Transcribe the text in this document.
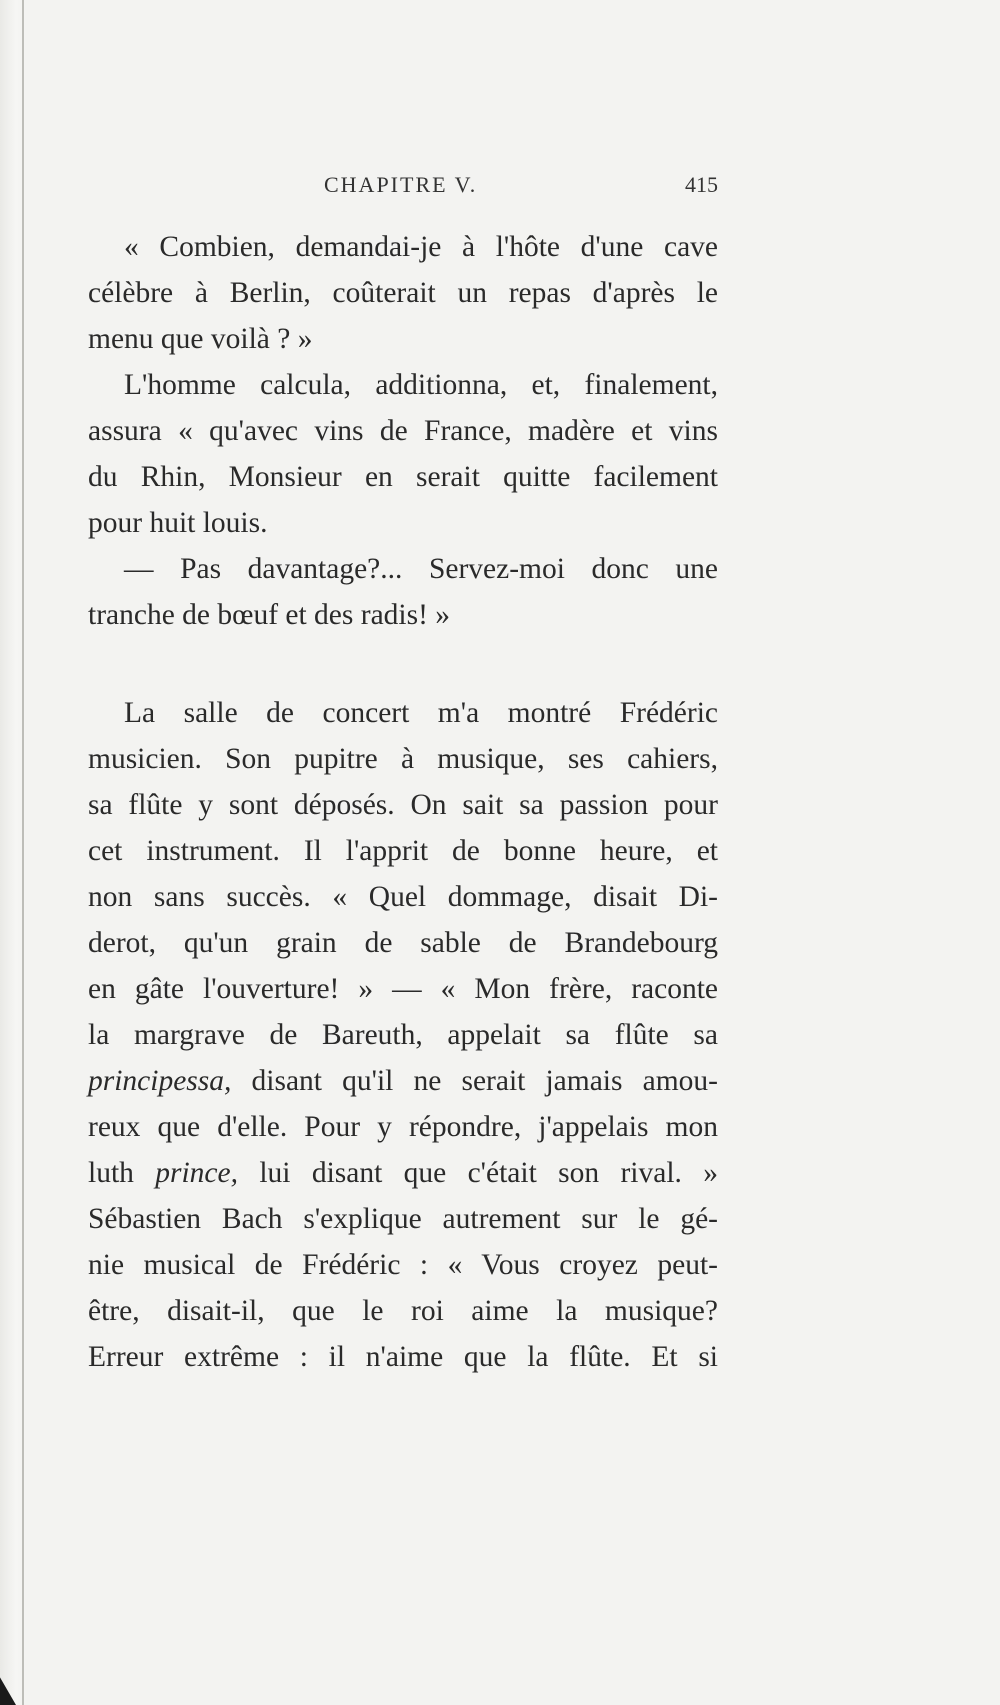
CHAPITRE V.	415

« Combien, demandai-je à l'hôte d'une cave
célèbre à Berlin, coûterait un repas d'après le
menu que voilà ? »

L'homme calcula, additionna, et, finalement,
assura « qu'avec vins de France, madère et vins
du Rhin, Monsieur en serait quitte facilement
pour huit louis.

— Pas davantage?... Servez-moi donc une
tranche de bœuf et des radis! »

La salle de concert m'a montré Frédéric
musicien. Son pupitre à musique, ses cahiers,
sa flûte y sont déposés. On sait sa passion pour
cet instrument. Il l'apprit de bonne heure, et
non sans succès. « Quel dommage, disait Di-
derot, qu'un grain de sable de Brandebourg
en gâte l'ouverture! » — « Mon frère, raconte
la margrave de Bareuth, appelait sa flûte sa
principessa, disant qu'il ne serait jamais amou-
reux que d'elle. Pour y répondre, j'appelais mon
luth prince, lui disant que c'était son rival. »
Sébastien Bach s'explique autrement sur le gé-
nie musical de Frédéric : « Vous croyez peut-
être, disait-il, que le roi aime la musique?
Erreur extrême : il n'aime que la flûte. Et si
